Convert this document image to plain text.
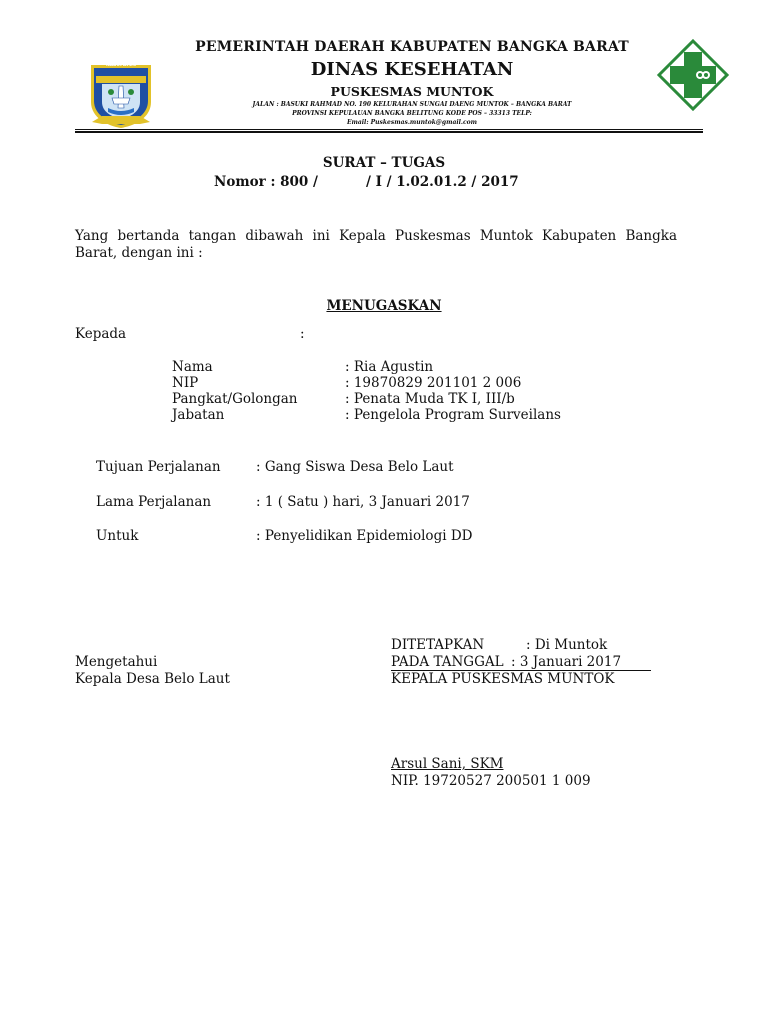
KABUPATEN
BANGKA BARAT
PEMERINTAH DAERAH KABUPATEN BANGKA BARAT
DINAS KESEHATAN
PUSKESMAS MUNTOK
JALAN : BASUKI RAHMAD NO. 190 KELURAHAN SUNGAI DAENG MUNTOK – BANGKA BARAT
PROVINSI KEPULAUAN BANGKA BELITUNG KODE POS – 33313 TELP:
Email: Puskesmas.muntok@gmail.com
SURAT – TUGAS
Nomor : 800 /	/ I / 1.02.01.2 / 2017
Yang bertanda tangan dibawah ini Kepala Puskesmas Muntok Kabupaten Bangka Barat, dengan ini :
MENUGASKAN
Kepada	:
Nama	: Ria Agustin
NIP	: 19870829 201101 2 006
Pangkat/Golongan	: Penata Muda TK I, III/b
Jabatan	: Pengelola Program Surveilans
Tujuan Perjalanan	: Gang Siswa Desa Belo Laut
Lama Perjalanan	: 1 ( Satu ) hari, 3 Januari 2017
Untuk	: Penyelidikan Epidemiologi DD
Mengetahui
Kepala Desa Belo Laut
DITETAPKAN	: Di Muntok
PADA TANGGAL : 3 Januari 2017
KEPALA PUSKESMAS MUNTOK
Arsul Sani, SKM
NIP. 19720527 200501 1 009
